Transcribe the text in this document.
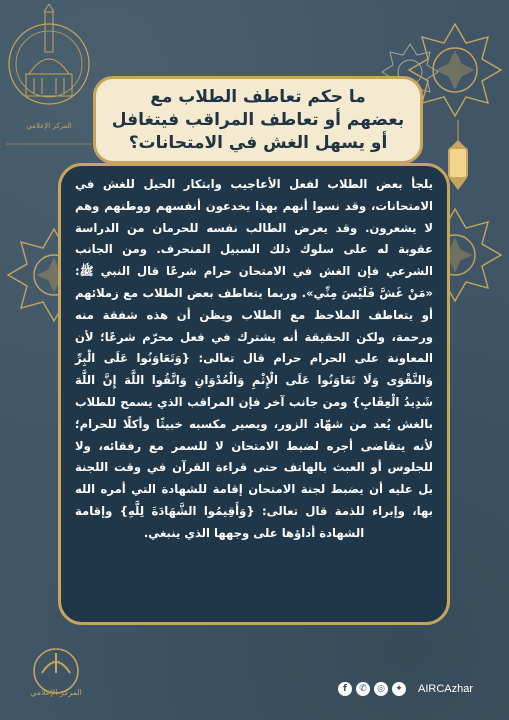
المركز الإعلامي
ما حكم تعاطف الطلاب مع
بعضهم أو تعاطف المراقب فيتغافل
أو يسهل الغش في الامتحانات؟
يلجأ بعض الطلاب لفعل الأعاجيب وابتكار الحيل للغش في الامتحانات، وقد نسوا أنهم بهذا يخدعون أنفسهم ووطنهم وهم لا يشعرون. وقد يعرض الطالب نفسه للحرمان من الدراسة عقوبة له على سلوك ذلك السبيل المنحرف. ومن الجانب الشرعي فإن الغش في الامتحان حرام شرعًا قال النبي ﷺ: «مَنْ غَشَّ فَلَيْسَ مِنِّي». وربما يتعاطف بعض الطلاب مع زملائهم أو يتعاطف الملاحظ مع الطلاب ويظن أن هذه شفقة منه ورحمة، ولكن الحقيقة أنه يشترك في فعل محرّم شرعًا؛ لأن المعاونة على الحرام حرام قال تعالى: {وَتَعَاوَنُوا عَلَى الْبِرِّ وَالتَّقْوَى وَلَا تَعَاوَنُوا عَلَى الْإِثْمِ وَالْعُدْوَانِ وَاتَّقُوا اللَّهَ إِنَّ اللَّهَ شَدِيدُ الْعِقَابِ} ومن جانب آخر فإن المراقب الذي يسمح للطلاب بالغش يُعد من شهّاد الزور، ويصير مكسبه خبيثًا وأكلًا للحرام؛ لأنه يتقاضى أجره لضبط الامتحان لا للسمر مع رفقائه، ولا للجلوس أو العبث بالهاتف حتى قراءة القرآن في وقت اللجنة بل عليه أن يضبط لجنة الامتحان إقامة للشهادة التي أمره الله بها، وإبراء للذمة قال تعالى: {وَأَقِيمُوا الشَّهَادَةَ لِلَّهِ} وإقامة الشهادة أداؤها على وجهها الذي ينبغي.
المركز الإعلامي	f	✆	◎	✦ AIRCAzhar
